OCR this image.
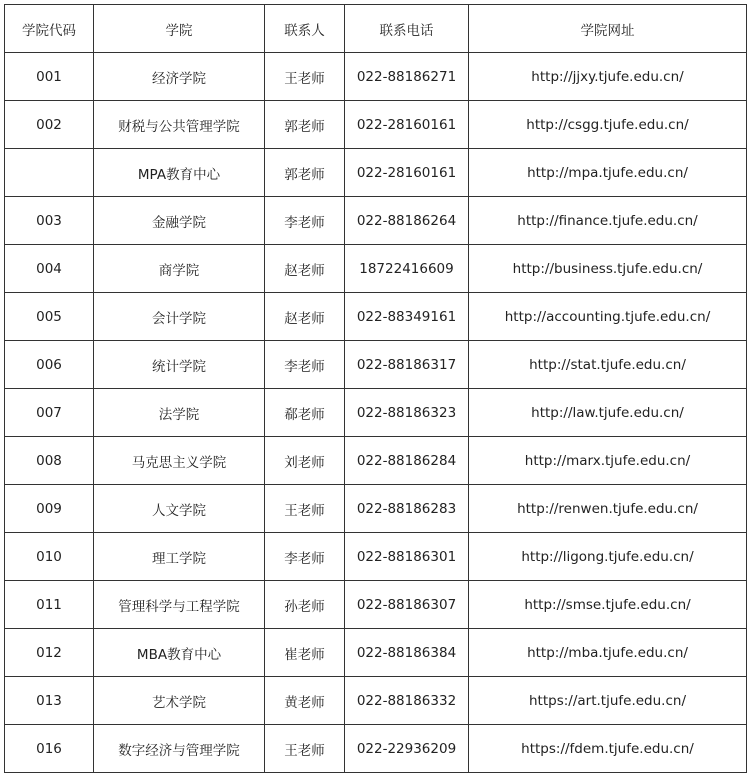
学院代码	学院	联系人	联系电话	学院网址
001	经济学院	王老师	022-88186271	http://jjxy.tjufe.edu.cn/
002	财税与公共管理学院	郭老师	022-28160161	http://csgg.tjufe.edu.cn/
	MPA教育中心	郭老师	022-28160161	http://mpa.tjufe.edu.cn/
003	金融学院	李老师	022-88186264	http://finance.tjufe.edu.cn/
004	商学院	赵老师	18722416609	http://business.tjufe.edu.cn/
005	会计学院	赵老师	022-88349161	http://accounting.tjufe.edu.cn/
006	统计学院	李老师	022-88186317	http://stat.tjufe.edu.cn/
007	法学院	郗老师	022-88186323	http://law.tjufe.edu.cn/
008	马克思主义学院	刘老师	022-88186284	http://marx.tjufe.edu.cn/
009	人文学院	王老师	022-88186283	http://renwen.tjufe.edu.cn/
010	理工学院	李老师	022-88186301	http://ligong.tjufe.edu.cn/
011	管理科学与工程学院	孙老师	022-88186307	http://smse.tjufe.edu.cn/
012	MBA教育中心	崔老师	022-88186384	http://mba.tjufe.edu.cn/
013	艺术学院	黄老师	022-88186332	https://art.tjufe.edu.cn/
016	数字经济与管理学院	王老师	022-22936209	https://fdem.tjufe.edu.cn/
